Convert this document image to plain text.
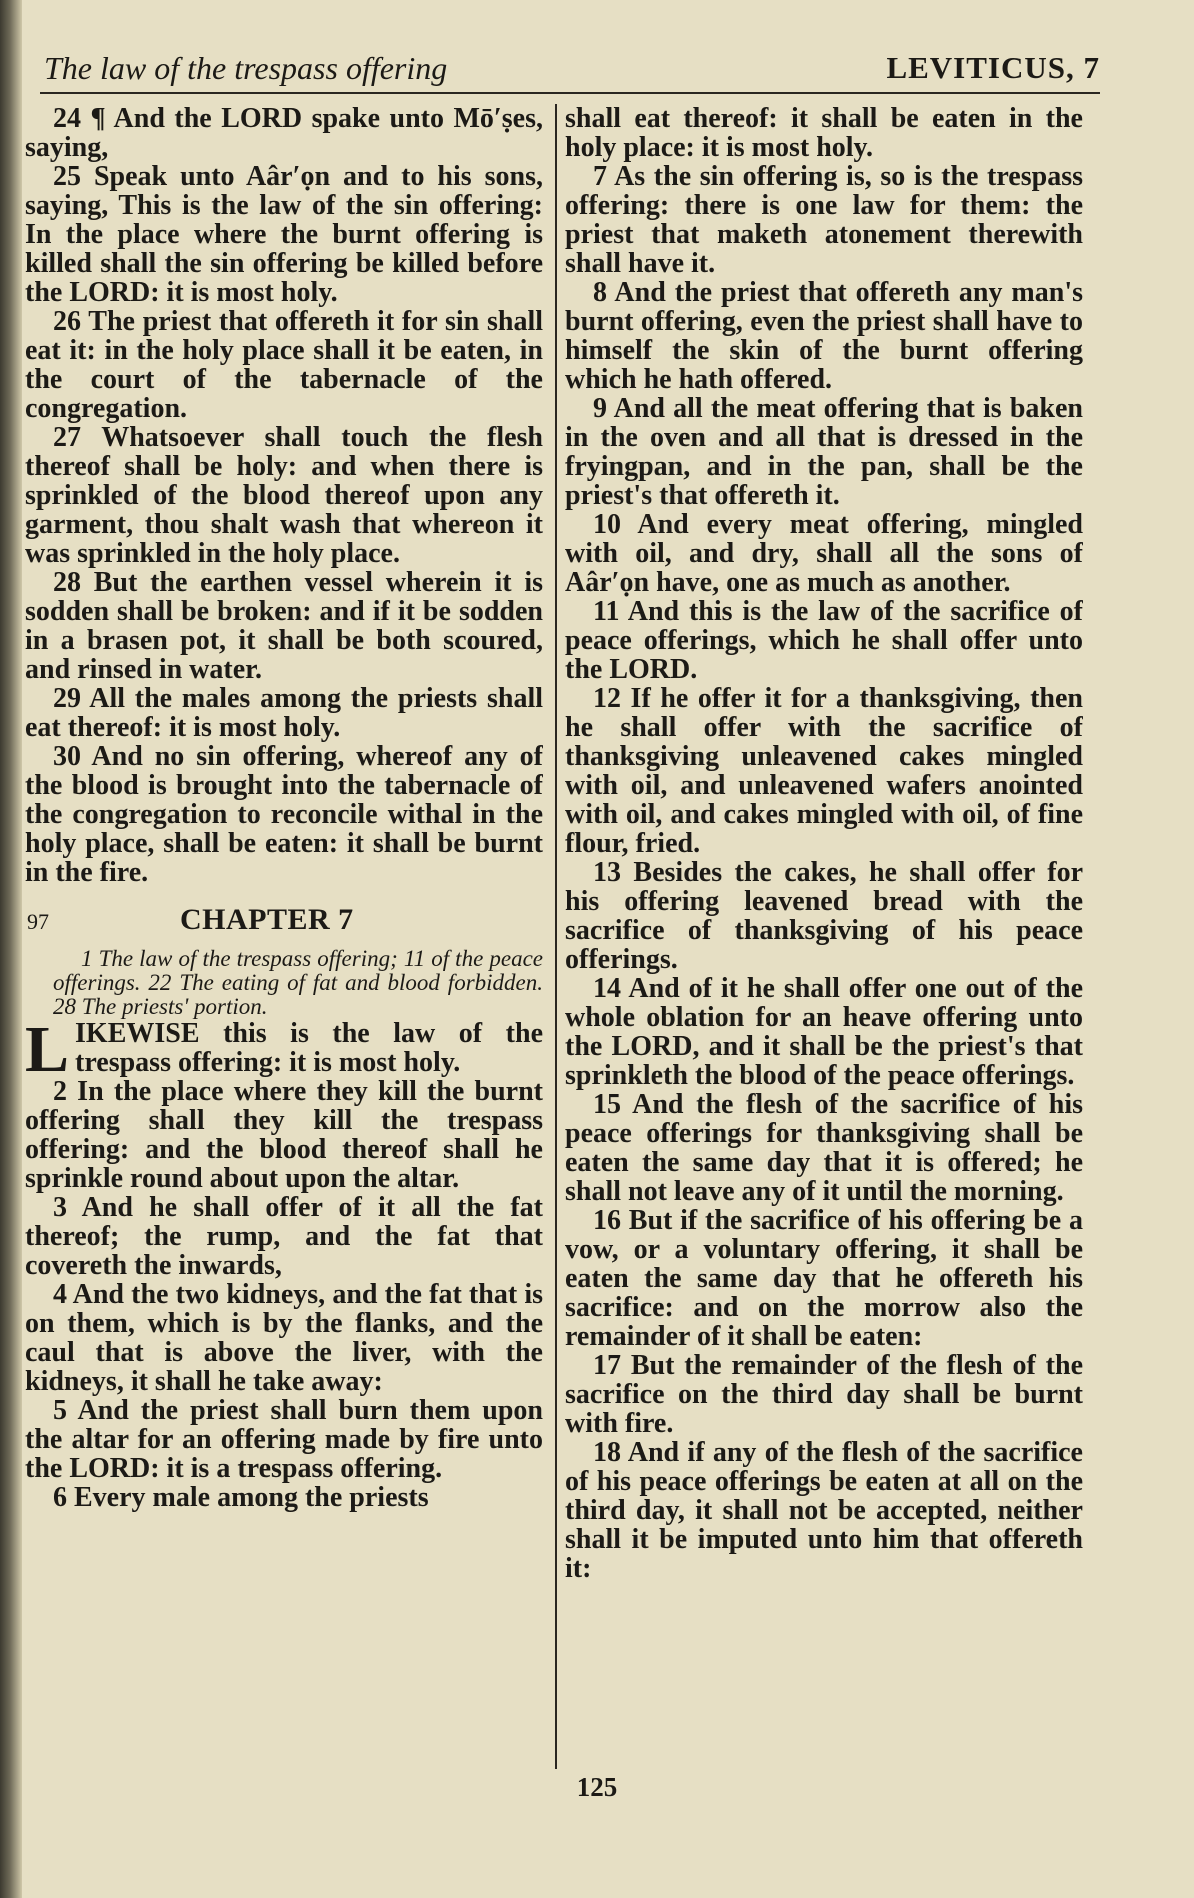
The law of the trespass offering	LEVITICUS, 7

24 ¶ And the LORD spake unto Mō′ṣes, saying,

25 Speak unto Aâr′ọn and to his sons, saying, This is the law of the sin offering: In the place where the burnt offering is killed shall the sin offering be killed before the LORD: it is most holy.

26 The priest that offereth it for sin shall eat it: in the holy place shall it be eaten, in the court of the tabernacle of the congregation.

27 Whatsoever shall touch the flesh thereof shall be holy: and when there is sprinkled of the blood thereof upon any garment, thou shalt wash that whereon it was sprinkled in the holy place.

28 But the earthen vessel wherein it is sodden shall be broken: and if it be sodden in a brasen pot, it shall be both scoured, and rinsed in water.

29 All the males among the priests shall eat thereof: it is most holy.

30 And no sin offering, whereof any of the blood is brought into the tabernacle of the congregation to reconcile withal in the holy place, shall be eaten: it shall be burnt in the fire.

97	CHAPTER 7

1 The law of the trespass offering; 11 of the peace offerings. 22 The eating of fat and blood forbidden. 28 The priests' portion.

LIKEWISE this is the law of the trespass offering: it is most holy.

2 In the place where they kill the burnt offering shall they kill the trespass offering: and the blood thereof shall he sprinkle round about upon the altar.

3 And he shall offer of it all the fat thereof; the rump, and the fat that covereth the inwards,

4 And the two kidneys, and the fat that is on them, which is by the flanks, and the caul that is above the liver, with the kidneys, it shall he take away:

5 And the priest shall burn them upon the altar for an offering made by fire unto the LORD: it is a trespass offering.

6 Every male among the priests

shall eat thereof: it shall be eaten in the holy place: it is most holy.

7 As the sin offering is, so is the trespass offering: there is one law for them: the priest that maketh atonement therewith shall have it.

8 And the priest that offereth any man's burnt offering, even the priest shall have to himself the skin of the burnt offering which he hath offered.

9 And all the meat offering that is baken in the oven and all that is dressed in the fryingpan, and in the pan, shall be the priest's that offereth it.

10 And every meat offering, mingled with oil, and dry, shall all the sons of Aâr′ọn have, one as much as another.

11 And this is the law of the sacrifice of peace offerings, which he shall offer unto the LORD.

12 If he offer it for a thanksgiving, then he shall offer with the sacrifice of thanksgiving unleavened cakes mingled with oil, and unleavened wafers anointed with oil, and cakes mingled with oil, of fine flour, fried.

13 Besides the cakes, he shall offer for his offering leavened bread with the sacrifice of thanksgiving of his peace offerings.

14 And of it he shall offer one out of the whole oblation for an heave offering unto the LORD, and it shall be the priest's that sprinkleth the blood of the peace offerings.

15 And the flesh of the sacrifice of his peace offerings for thanksgiving shall be eaten the same day that it is offered; he shall not leave any of it until the morning.

16 But if the sacrifice of his offering be a vow, or a voluntary offering, it shall be eaten the same day that he offereth his sacrifice: and on the morrow also the remainder of it shall be eaten:

17 But the remainder of the flesh of the sacrifice on the third day shall be burnt with fire.

18 And if any of the flesh of the sacrifice of his peace offerings be eaten at all on the third day, it shall not be accepted, neither shall it be imputed unto him that offereth it:

125
